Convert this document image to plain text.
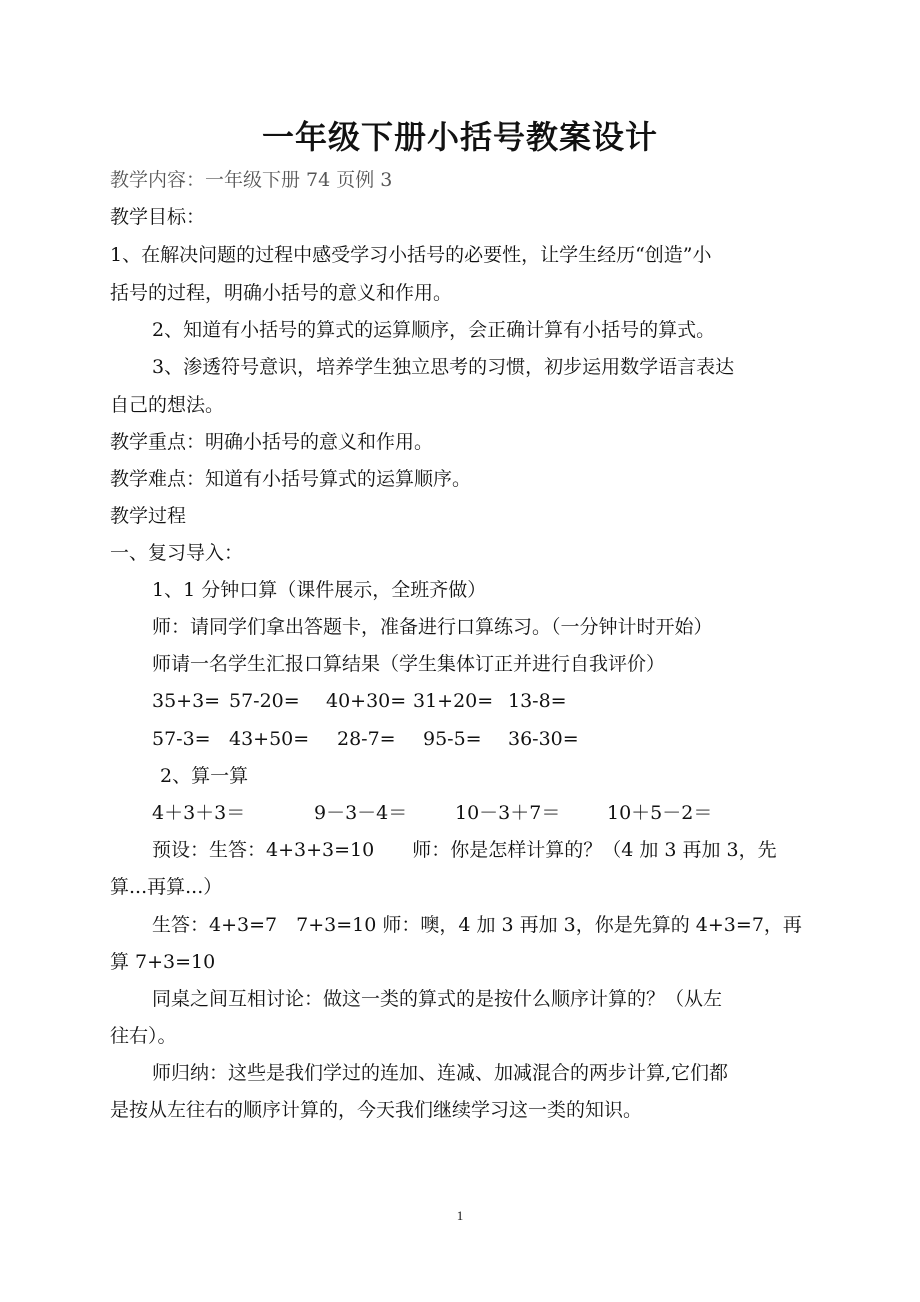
一年级下册小括号教案设计
教学内容：一年级下册 74 页例 3
教学目标：
1、在解决问题的过程中感受学习小括号的必要性，让学生经历“创造”小
括号的过程，明确小括号的意义和作用。
2、知道有小括号的算式的运算顺序，会正确计算有小括号的算式。
3、渗透符号意识，培养学生独立思考的习惯，初步运用数学语言表达
自己的想法。
教学重点：明确小括号的意义和作用。
教学难点：知道有小括号算式的运算顺序。
教学过程
一、复习导入：
1、1 分钟口算（课件展示，全班齐做）
师：请同学们拿出答题卡，准备进行口算练习。（一分钟计时开始）
师请一名学生汇报口算结果（学生集体订正并进行自我评价）
35+3= 57-20= 40+30= 31+20= 13-8=
57-3= 43+50= 28-7= 95-5= 36-30=
2、算一算
4＋3＋3＝	9－3－4＝	10－3＋7＝ 10＋5－2＝
预设：生答：4+3+3=10　　师：你是怎样计算的？（4 加 3 再加 3，先
算...再算...）
生答：4+3=7　7+3=10 师：噢，4 加 3 再加 3，你是先算的 4+3=7，再
算 7+3=10
同桌之间互相讨论：做这一类的算式的是按什么顺序计算的？（从左
往右）。
师归纳：这些是我们学过的连加、连减、加减混合的两步计算,它们都
是按从左往右的顺序计算的，今天我们继续学习这一类的知识。
1
